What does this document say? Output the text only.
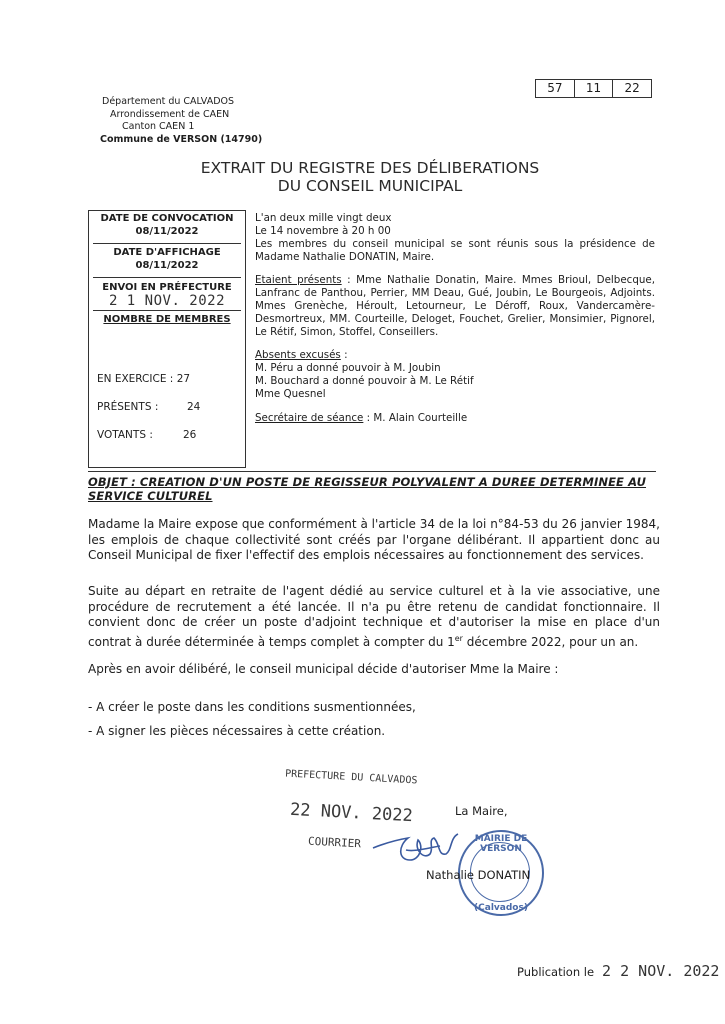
57	11	22
Département du CALVADOS
Arrondissement de CAEN
Canton CAEN 1
Commune de VERSON (14790)
EXTRAIT DU REGISTRE DES DÉLIBERATIONS
DU CONSEIL MUNICIPAL
DATE DE CONVOCATION
08/11/2022
DATE D'AFFICHAGE
08/11/2022
ENVOI EN PRÉFECTURE
2 1 NOV. 2022
NOMBRE DE MEMBRES
EN EXERCICE : 27
PRÉSENTS :	24
VOTANTS :	26

L'an deux mille vingt deux

Le 14 novembre à 20 h 00

Les membres du conseil municipal se sont réunis sous la présidence de Madame Nathalie DONATIN, Maire.

Etaient présents : Mme Nathalie Donatin, Maire. Mmes Brioul, Delbecque, Lanfranc de Panthou, Perrier, MM Deau, Gué, Joubin, Le Bourgeois, Adjoints. Mmes Grenèche, Héroult, Letourneur, Le Déroff, Roux, Vandercamère-Desmortreux, MM. Courteille, Deloget, Fouchet, Grelier, Monsimier, Pignorel, Le Rétif, Simon, Stoffel, Conseillers.

Absents excusés :

M. Péru a donné pouvoir à M. Joubin

M. Bouchard a donné pouvoir à M. Le Rétif

Mme Quesnel

Secrétaire de séance : M. Alain Courteille

OBJET : CREATION D'UN POSTE DE REGISSEUR POLYVALENT A DUREE DETERMINEE AU SERVICE CULTUREL
Madame la Maire expose que conformément à l'article 34 de la loi n°84-53 du 26 janvier 1984, les emplois de chaque collectivité sont créés par l'organe délibérant. Il appartient donc au Conseil Municipal de fixer l'effectif des emplois nécessaires au fonctionnement des services.
Suite au départ en retraite de l'agent dédié au service culturel et à la vie associative, une procédure de recrutement a été lancée. Il n'a pu être retenu de candidat fonctionnaire. Il convient donc de créer un poste d'adjoint technique et d'autoriser la mise en place d'un contrat à durée déterminée à temps complet à compter du 1er décembre 2022, pour un an.
Après en avoir délibéré, le conseil municipal décide d'autoriser Mme la Maire :
- A créer le poste dans les conditions susmentionnées,
- A signer les pièces nécessaires à cette création.
PREFECTURE DU CALVADOS
22 NOV. 2022
COURRIER
La Maire,
MAIRIE DE VERSON
(Calvados)
Nathalie DONATIN
Publication le 2 2 NOV. 2022
